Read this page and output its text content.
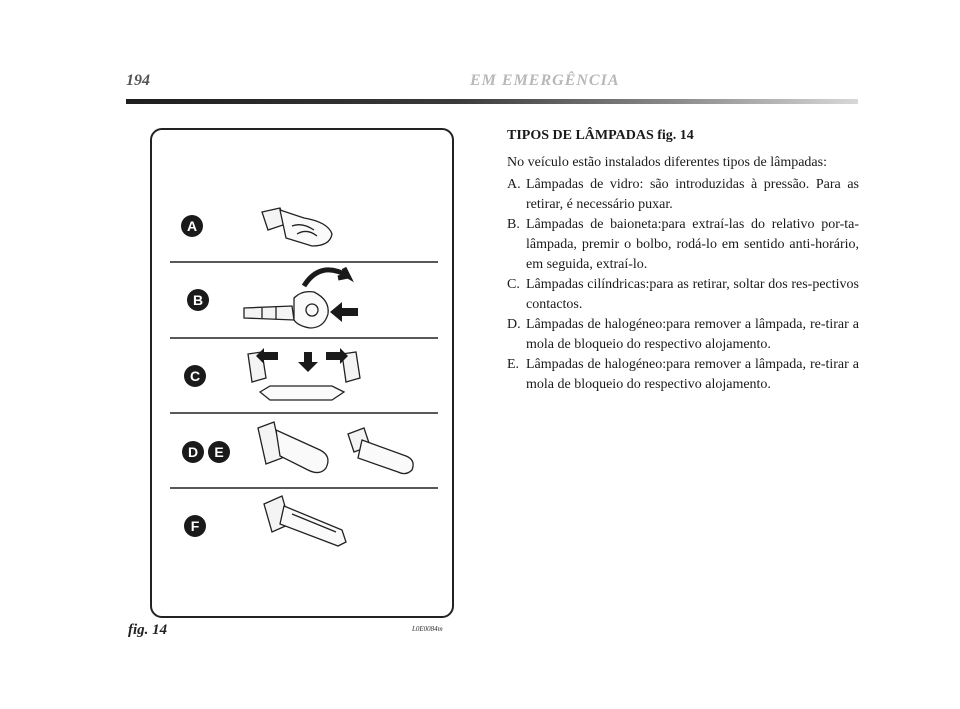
194	EM EMERGÊNCIA
A
B
C
D E
F
fig. 14	L0E0084m
TIPOS DE LÂMPADAS fig. 14
No veículo estão instalados diferentes tipos de lâmpadas:
A. Lâmpadas de vidro: são introduzidas à pressão. Para as retirar, é necessário puxar.
B. Lâmpadas de baioneta:para extraí-las do relativo por-ta-lâmpada, premir o bolbo, rodá-lo em sentido anti-horário, em seguida, extraí-lo.
C. Lâmpadas cilíndricas:para as retirar, soltar dos res-pectivos contactos.
D. Lâmpadas de halogéneo:para remover a lâmpada, re-tirar a mola de bloqueio do respectivo alojamento.
E. Lâmpadas de halogéneo:para remover a lâmpada, re-tirar a mola de bloqueio do respectivo alojamento.
